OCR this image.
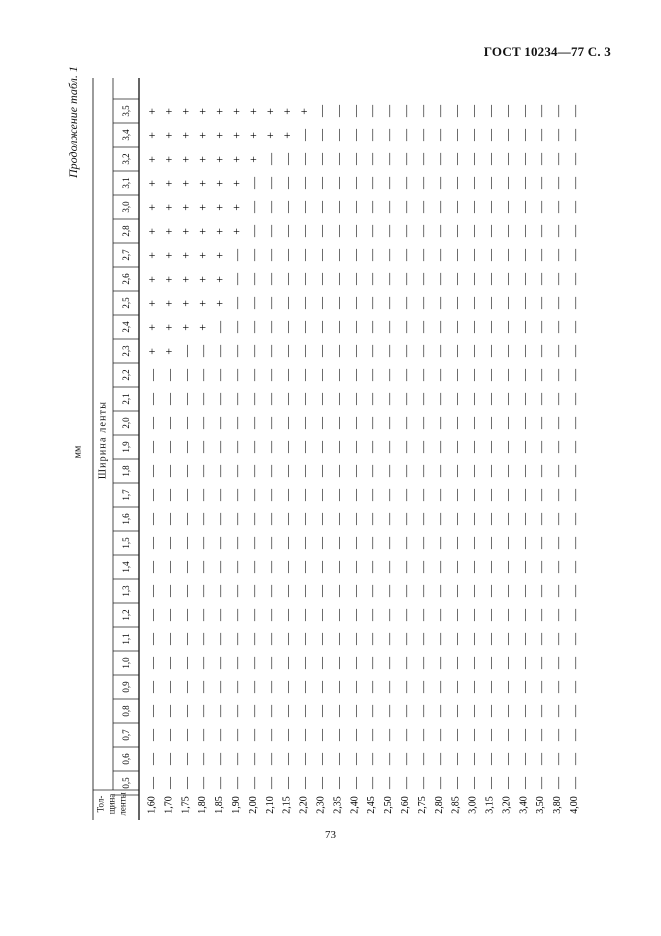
ГОСТ 10234—77 С. 3
Продолжение табл. 1
мм Ширина ленты
Тол-
щина
ленты
0,5
0,6
0,7
0,8
0,9
1,0
1,1
1,2
1,3
1,4
1,5
1,6
1,7
1,8
1,9
2,0
2,1
2,2
2,3
2,4
2,5
2,6
2,7
2,8
3,0
3,1
3,2
3,4
3,5
1,60 1,70 1,75 1,80 1,85 1,90 2,00 2,10 2,15 2,20 2,30 2,35 2,40 2,45 2,50 2,60 2,75 2,80 2,85 3,00 3,15 3,20 3,40 3,50 3,80 4,00
— — — — — — — — — — — — — — — — — — — — — — — — — —
— — — — — — — — — — — — — — — — — — — — — — — — — —
— — — — — — — — — — — — — — — — — — — — — — — — — —
— — — — — — — — — — — — — — — — — — — — — — — — — —
— — — — — — — — — — — — — — — — — — — — — — — — — —
— — — — — — — — — — — — — — — — — — — — — — — — — —
— — — — — — — — — — — — — — — — — — — — — — — — — —
— — — — — — — — — — — — — — — — — — — — — — — — — —
— — — — — — — — — — — — — — — — — — — — — — — — — —
— — — — — — — — — — — — — — — — — — — — — — — — — —
— — — — — — — — — — — — — — — — — — — — — — — — — —
— — — — — — — — — — — — — — — — — — — — — — — — — —
— — — — — — — — — — — — — — — — — — — — — — — — — —
— — — — — — — — — — — — — — — — — — — — — — — — — —
— — — — — — — — — — — — — — — — — — — — — — — — — —
— — — — — — — — — — — — — — — — — — — — — — — — — —
— — — — — — — — — — — — — — — — — — — — — — — — — —
— — — — — — — — — — — — — — — — — — — — — — — — — —
+ + — — — — — — — — — — — — — — — — — — — — — — — —
+ + + + — — — — — — — — — — — — — — — — — — — — — —
+ + + + + — — — — — — — — — — — — — — — — — — — — —
+ + + + + — — — — — — — — — — — — — — — — — — — — —
+ + + + + — — — — — — — — — — — — — — — — — — — — —
+ + + + + + — — — — — — — — — — — — — — — — — — — —
+ + + + + + — — — — — — — — — — — — — — — — — — — —
+ + + + + + — — — — — — — — — — — — — — — — — — — —
+ + + + + + + — — — — — — — — — — — — — — — — — — —
+ + + + + + + + + — — — — — — — — — — — — — — — — —
+ + + + + + + + + + — — — — — — — — — — — — — — — —
73
